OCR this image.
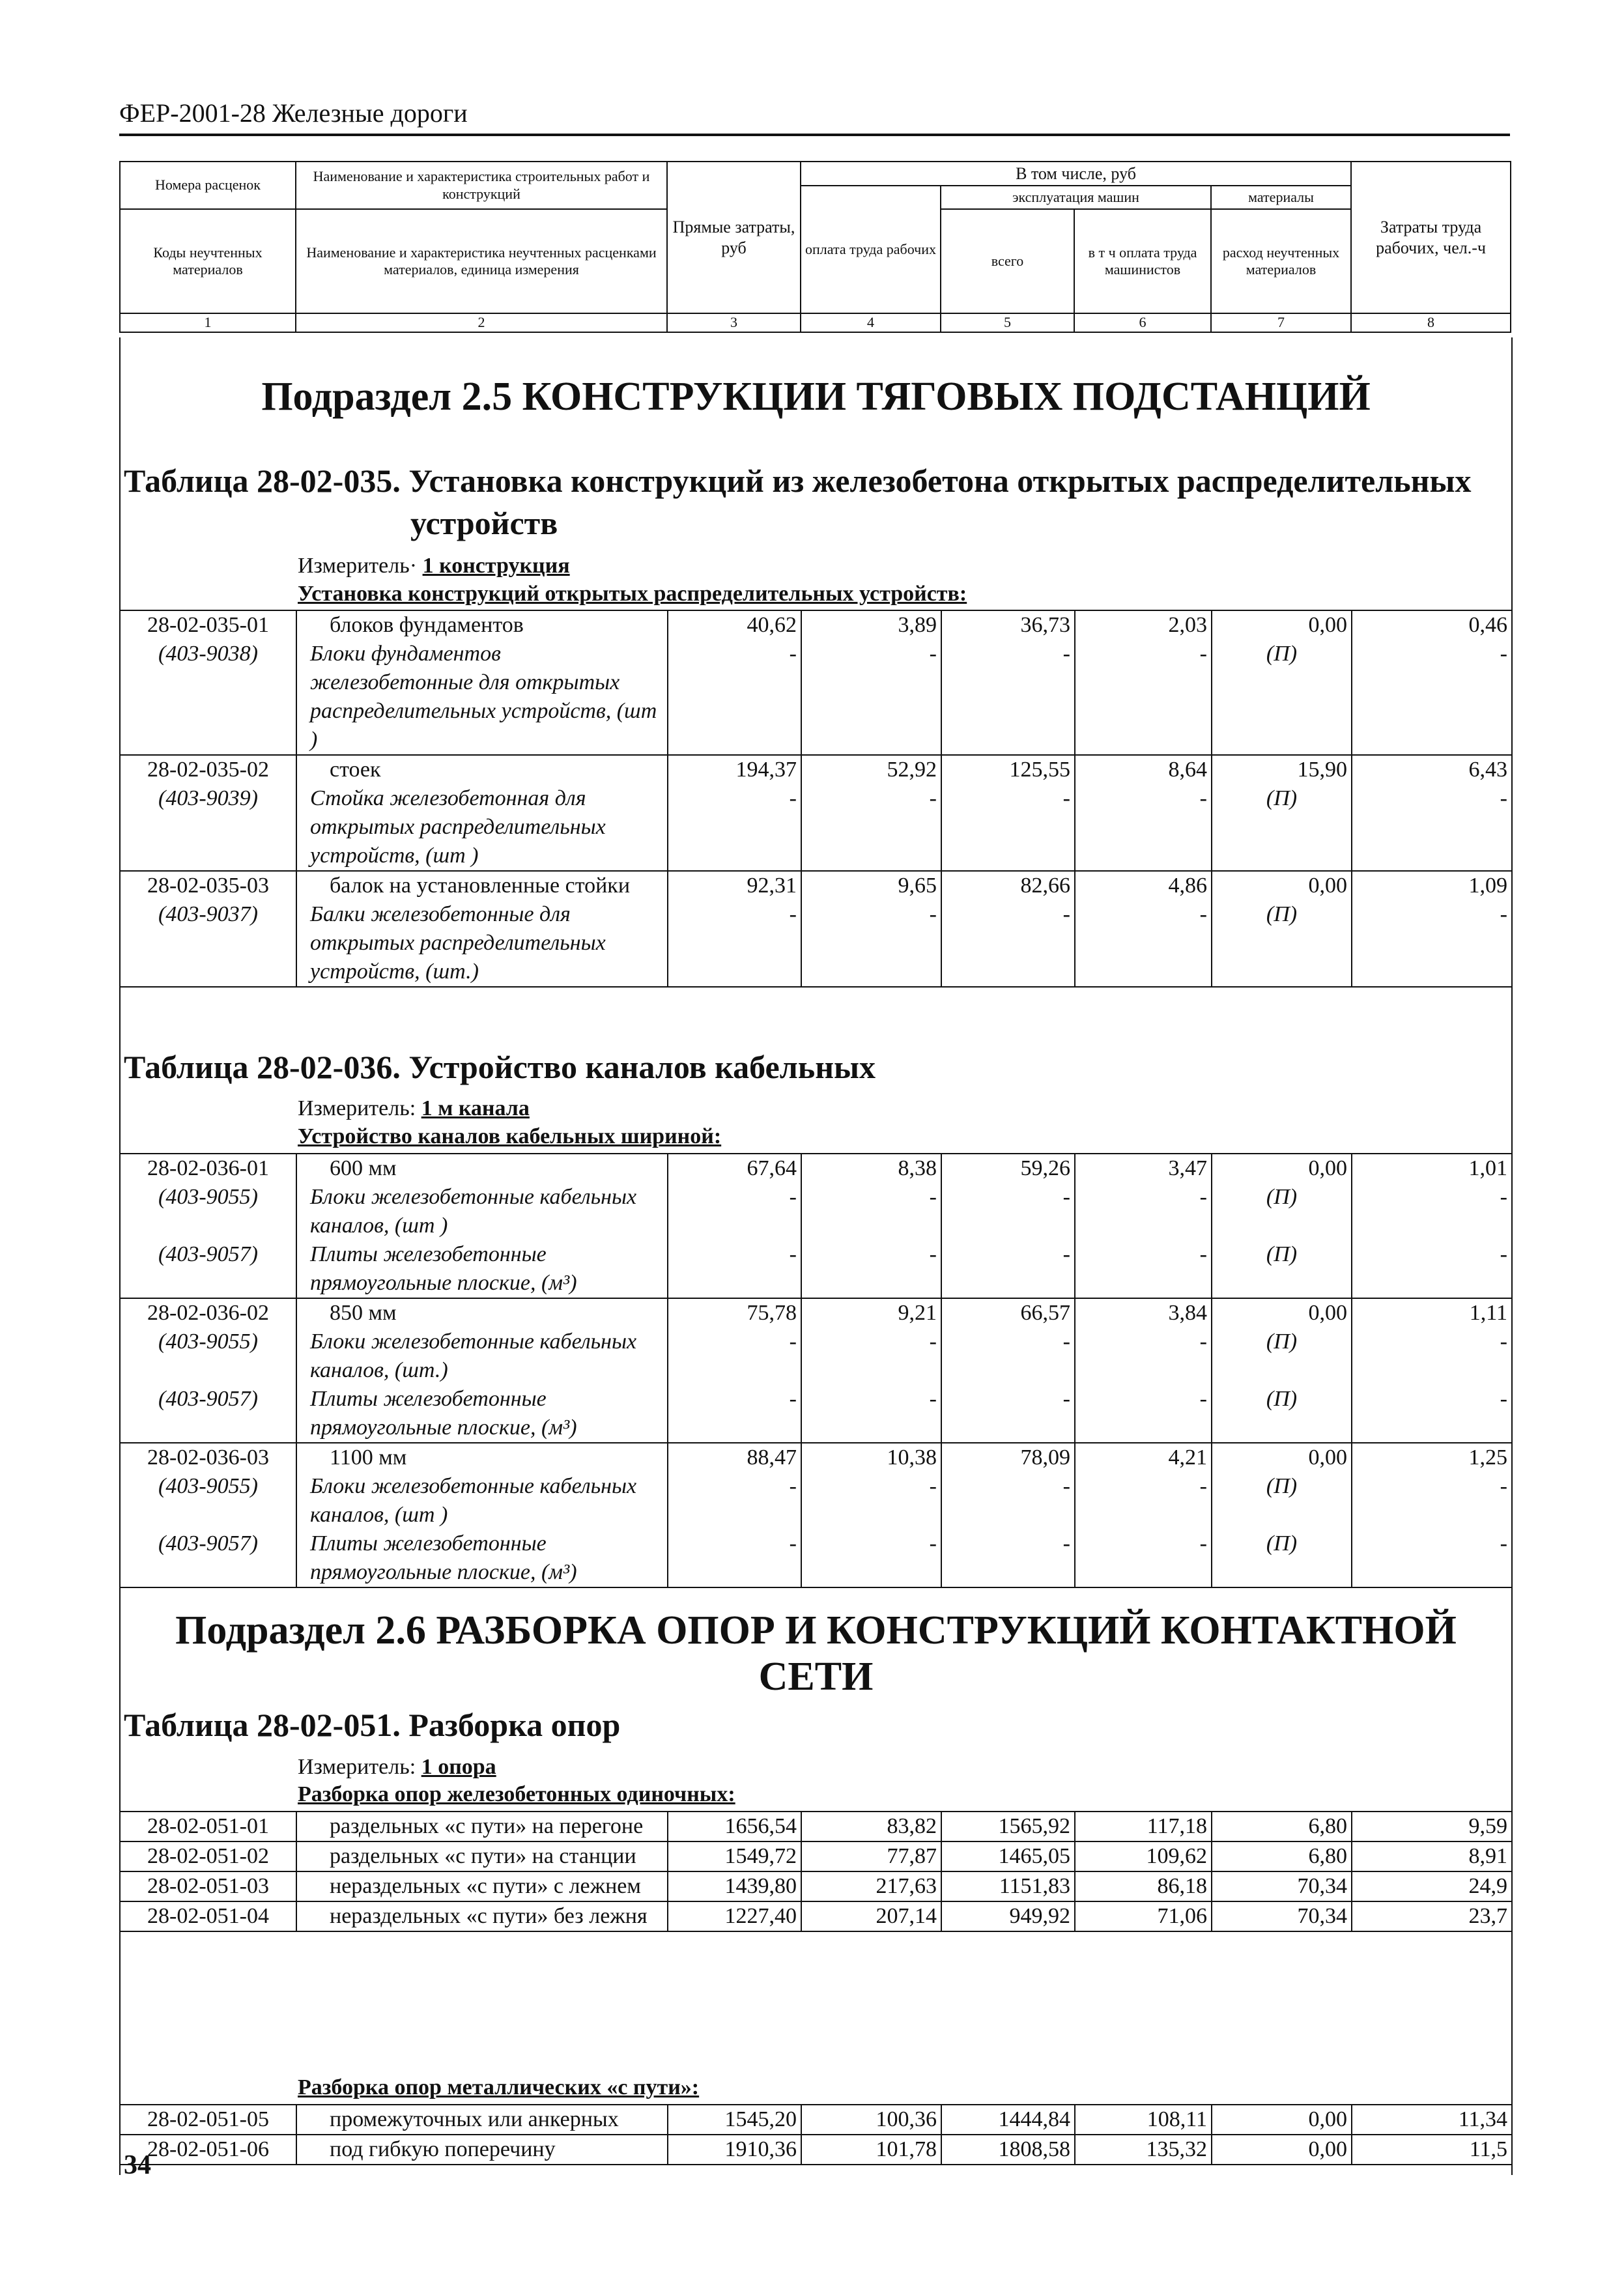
ФЕР-2001-28 Железные дороги
Номера расценок	Наименование и характеристика строительных работ и конструкций	Прямые затраты, руб	В том числе, руб				Затраты труда рабочих, чел.-ч
			оплата труда рабочих	эксплуатация машин		материалы	
Коды неучтенных материалов	Наименование и характеристика неучтенных расценками материалов, единица измерения			всего	в т ч оплата труда машинистов	расход неучтенных материалов	

1	2	3	4	5	6	7	8
Подраздел 2.5 КОНСТРУКЦИИ ТЯГОВЫХ ПОДСТАНЦИЙ
Таблица 28-02-035. Установка конструкций из железобетона открытых распределительных
устройств
Измеритель· 1 конструкция
Установка конструкций открытых распределительных устройств:
28-02-035-01	блоков фундаментов	40,62	3,89	36,73	2,03	0,00	0,46
(403-9038)	Блоки фундаментов железобетонные для открытых распределительных устройств, (шт )	-	-	-	-	(П)	-
28-02-035-02	стоек	194,37	52,92	125,55	8,64	15,90	6,43
(403-9039)	Стойка железобетонная для открытых распределительных устройств, (шт )	-	-	-	-	(П)	-
28-02-035-03	балок на установленные стойки	92,31	9,65	82,66	4,86	0,00	1,09
(403-9037)	Балки железобетонные для открытых распределительных устройств, (шт.)	-	-	-	-	(П)	-
Таблица 28-02-036. Устройство каналов кабельных
Измеритель: 1 м канала
Устройство каналов кабельных шириной:
28-02-036-01	600 мм	67,64	8,38	59,26	3,47	0,00	1,01
(403-9055)	Блоки железобетонные кабельных каналов, (шт )	-	-	-	-	(П)	-
(403-9057)	Плиты железобетонные прямоугольные плоские, (м³)	-	-	-	-	(П)	-
28-02-036-02	850 мм	75,78	9,21	66,57	3,84	0,00	1,11
(403-9055)	Блоки железобетонные кабельных каналов, (шт.)	-	-	-	-	(П)	-
(403-9057)	Плиты железобетонные прямоугольные плоские, (м³)	-	-	-	-	(П)	-
28-02-036-03	1100 мм	88,47	10,38	78,09	4,21	0,00	1,25
(403-9055)	Блоки железобетонные кабельных каналов, (шт )	-	-	-	-	(П)	-
(403-9057)	Плиты железобетонные прямоугольные плоские, (м³)	-	-	-	-	(П)	-
Подраздел 2.6 РАЗБОРКА ОПОР И КОНСТРУКЦИЙ КОНТАКТНОЙ СЕТИ
Таблица 28-02-051. Разборка опор
Измеритель: 1 опора
Разборка опор железобетонных одиночных:
28-02-051-01	раздельных «с пути» на перегоне	1656,54	83,82	1565,92	117,18	6,80	9,59
28-02-051-02	раздельных «с пути» на станции	1549,72	77,87	1465,05	109,62	6,80	8,91
28-02-051-03	нераздельных «с пути» с лежнем	1439,80	217,63	1151,83	86,18	70,34	24,9
28-02-051-04	нераздельных «с пути» без лежня	1227,40	207,14	949,92	71,06	70,34	23,7
Разборка опор металлических «с пути»:
28-02-051-05	промежуточных или анкерных	1545,20	100,36	1444,84	108,11	0,00	11,34
28-02-051-06	под гибкую поперечину	1910,36	101,78	1808,58	135,32	0,00	11,5
34
